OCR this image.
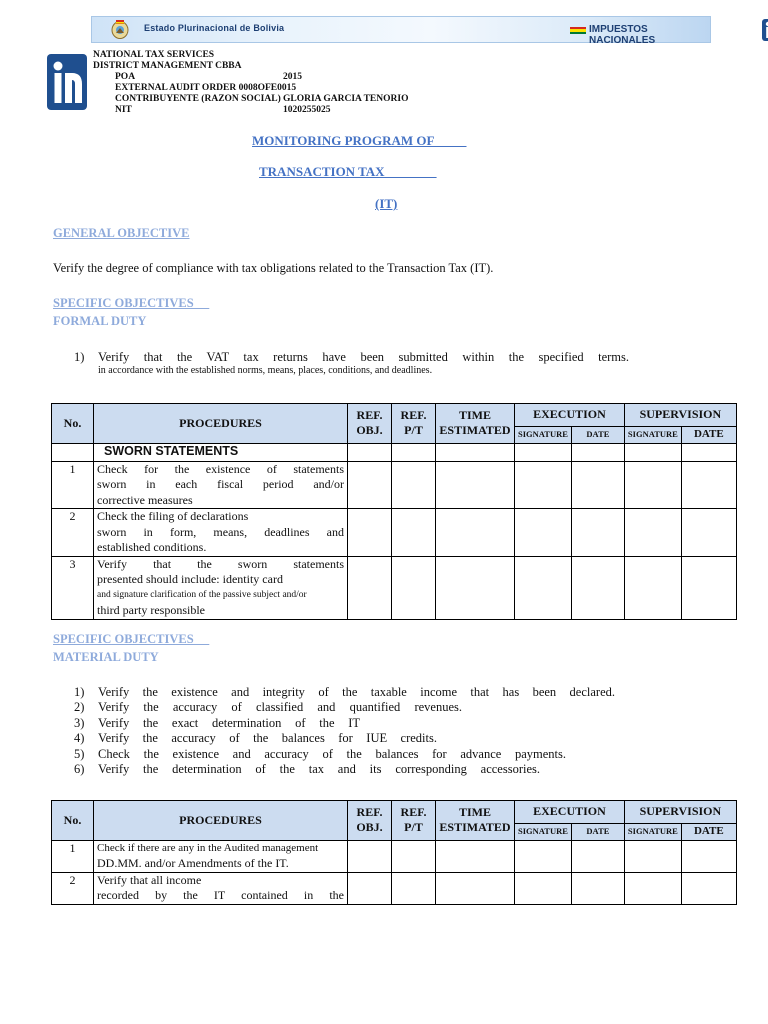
Estado Plurinacional de Bolivia	IMPUESTOS NACIONALES
NATIONAL TAX SERVICES
DISTRICT MANAGEMENT CBBA
POA	2015
EXTERNAL AUDIT ORDER 0008OFE0015
CONTRIBUYENTE (RAZON SOCIAL) GLORIA GARCIA TENORIO
NIT	1020255025
MONITORING PROGRAM OF
TRANSACTION TAX
(IT)
GENERAL OBJECTIVE
Verify the degree of compliance with tax obligations related to the Transaction Tax (IT).
SPECIFIC OBJECTIVES
FORMAL DUTY
1) Verify that the VAT tax returns have been submitted within the specified terms.
in accordance with the established norms, means, places, conditions, and deadlines.
No.	PROCEDURES	REF. OBJ.	REF. P/T	TIME ESTIMATED	EXECUTION		SUPERVISION	
					SIGNATURE	DATE	SIGNATURE	DATE
	SWORN STATEMENTS							
1	Check for the existence of statements
sworn in each fiscal period and/or
corrective measures							

2	Check the filing of declarations
sworn in form, means, deadlines and
established conditions.							

3	Verify that the sworn statements
presented should include: identity card
and signature clarification of the passive subject and/or
third party responsible							

SPECIFIC OBJECTIVES
MATERIAL DUTY
1) Verify the existence and integrity of the taxable income that has been declared.
2) Verify the accuracy of classified and quantified revenues.
3) Verify the exact determination of the IT
4) Verify the accuracy of the balances for IUE credits.
5) Check the existence and accuracy of the balances for advance payments.
6) Verify the determination of the tax and its corresponding accessories.
No.	PROCEDURES	REF. OBJ.	REF. P/T	TIME ESTIMATED	EXECUTION		SUPERVISION	
					SIGNATURE	DATE	SIGNATURE	DATE
1	Check if there are any in the Audited management
DD.MM. and/or Amendments of the IT.							

2	Verify that all income
recorded by the IT contained in the							
